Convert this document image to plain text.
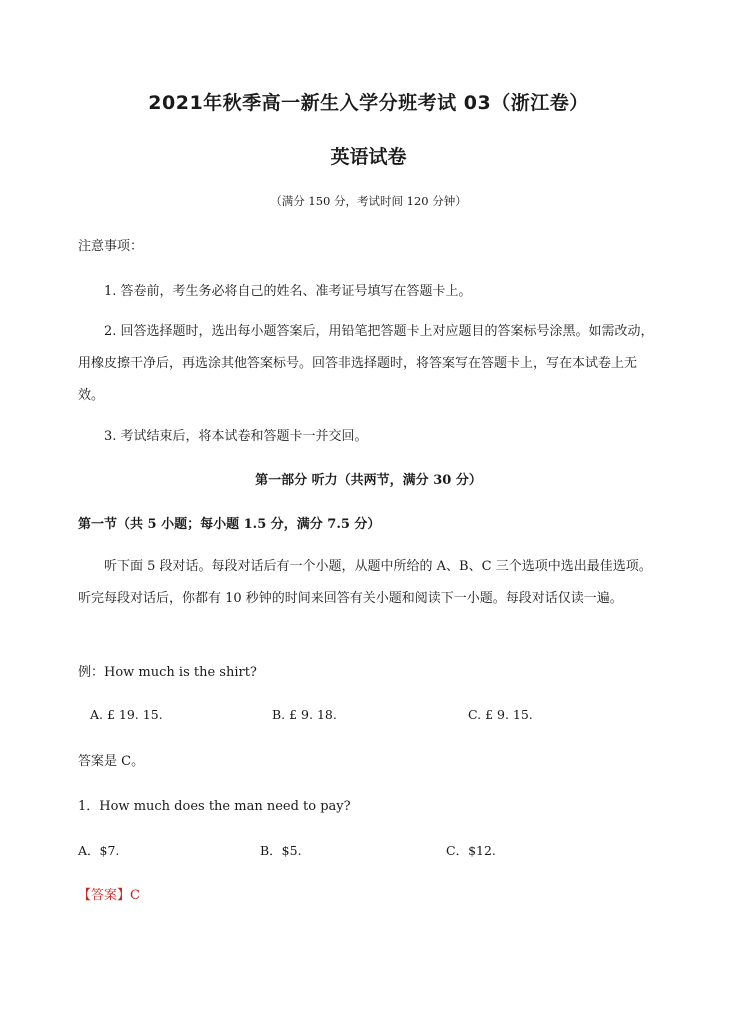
2021年秋季高一新生入学分班考试 03（浙江卷）
英语试卷
（满分 150 分，考试时间 120 分钟）
注意事项：
1. 答卷前，考生务必将自己的姓名、准考证号填写在答题卡上。
2. 回答选择题时，选出每小题答案后，用铅笔把答题卡上对应题目的答案标号涂黑。如需改动，用橡皮擦干净后，再选涂其他答案标号。回答非选择题时，将答案写在答题卡上，写在本试卷上无效。
3. 考试结束后，将本试卷和答题卡一并交回。
第一部分 听力（共两节，满分 30 分）
第一节（共 5 小题；每小题 1.5 分，满分 7.5 分）
听下面 5 段对话。每段对话后有一个小题，从题中所给的 A、B、C 三个选项中选出最佳选项。听完每段对话后，你都有 10 秒钟的时间来回答有关小题和阅读下一小题。每段对话仅读一遍。
例：How much is the shirt?
A. £ 19. 15.	B. £ 9. 18.	C. £ 9. 15.
答案是 C。
1．How much does the man need to pay?
A．$7.	B．$5.	C．$12.
【答案】C
